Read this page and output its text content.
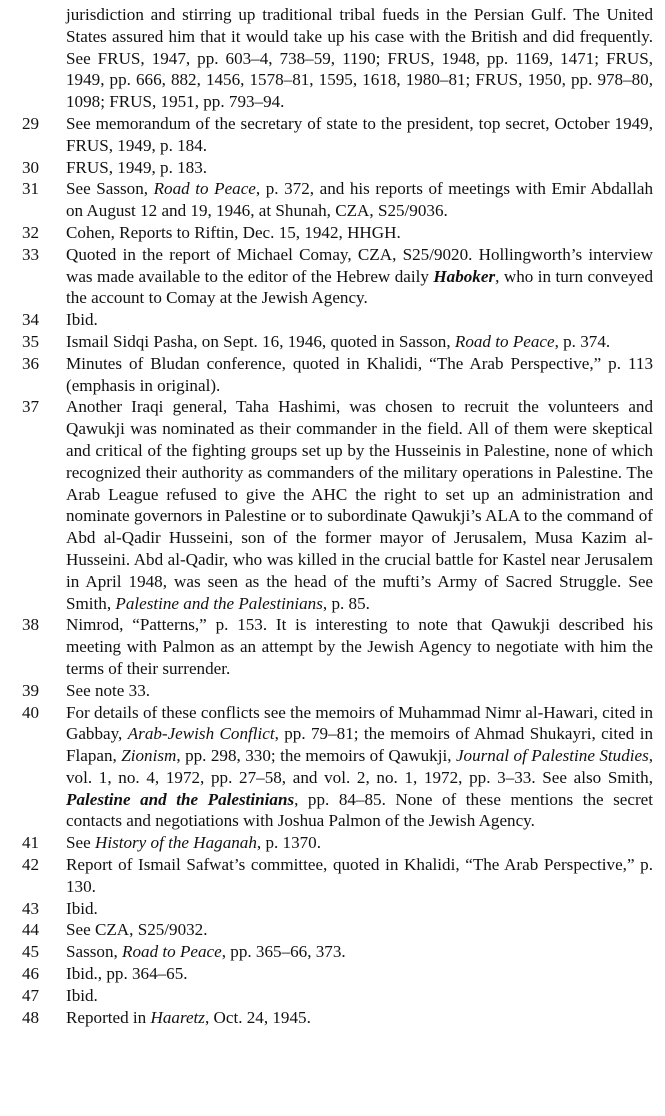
jurisdiction and stirring up traditional tribal fueds in the Persian Gulf. The United States assured him that it would take up his case with the British and did frequently. See FRUS, 1947, pp. 603–4, 738–59, 1190; FRUS, 1948, pp. 1169, 1471; FRUS, 1949, pp. 666, 882, 1456, 1578–81, 1595, 1618, 1980–81; FRUS, 1950, pp. 978–80, 1098; FRUS, 1951, pp. 793–94.
29 See memorandum of the secretary of state to the president, top secret, October 1949, FRUS, 1949, p. 184.
30 FRUS, 1949, p. 183.
31 See Sasson, Road to Peace, p. 372, and his reports of meetings with Emir Abdallah on August 12 and 19, 1946, at Shunah, CZA, S25/9036.
32 Cohen, Reports to Riftin, Dec. 15, 1942, HHGH.
33 Quoted in the report of Michael Comay, CZA, S25/9020. Hollingworth’s interview was made available to the editor of the Hebrew daily Haboker, who in turn conveyed the account to Comay at the Jewish Agency.
34 Ibid.
35 Ismail Sidqi Pasha, on Sept. 16, 1946, quoted in Sasson, Road to Peace, p. 374.
36 Minutes of Bludan conference, quoted in Khalidi, “The Arab Perspective,” p. 113 (emphasis in original).
37 Another Iraqi general, Taha Hashimi, was chosen to recruit the volunteers and Qawukji was nominated as their commander in the field. All of them were skeptical and critical of the fighting groups set up by the Husseinis in Palestine, none of which recognized their authority as commanders of the military operations in Palestine. The Arab League refused to give the AHC the right to set up an administration and nominate governors in Palestine or to subordinate Qawukji’s ALA to the command of Abd al-Qadir Husseini, son of the former mayor of Jerusalem, Musa Kazim al-Husseini. Abd al-Qadir, who was killed in the crucial battle for Kastel near Jerusalem in April 1948, was seen as the head of the mufti’s Army of Sacred Struggle. See Smith, Palestine and the Palestinians, p. 85.
38 Nimrod, “Patterns,” p. 153. It is interesting to note that Qawukji described his meeting with Palmon as an attempt by the Jewish Agency to negotiate with him the terms of their surrender.
39 See note 33.
40 For details of these conflicts see the memoirs of Muhammad Nimr al-Hawari, cited in Gabbay, Arab-Jewish Conflict, pp. 79–81; the memoirs of Ahmad Shukayri, cited in Flapan, Zionism, pp. 298, 330; the memoirs of Qawukji, Journal of Palestine Studies, vol. 1, no. 4, 1972, pp. 27–58, and vol. 2, no. 1, 1972, pp. 3–33. See also Smith, Palestine and the Palestinians, pp. 84–85. None of these mentions the secret contacts and negotiations with Joshua Palmon of the Jewish Agency.
41 See History of the Haganah, p. 1370.
42 Report of Ismail Safwat’s committee, quoted in Khalidi, “The Arab Perspective,” p. 130.
43 Ibid.
44 See CZA, S25/9032.
45 Sasson, Road to Peace, pp. 365–66, 373.
46 Ibid., pp. 364–65.
47 Ibid.
48 Reported in Haaretz, Oct. 24, 1945.
